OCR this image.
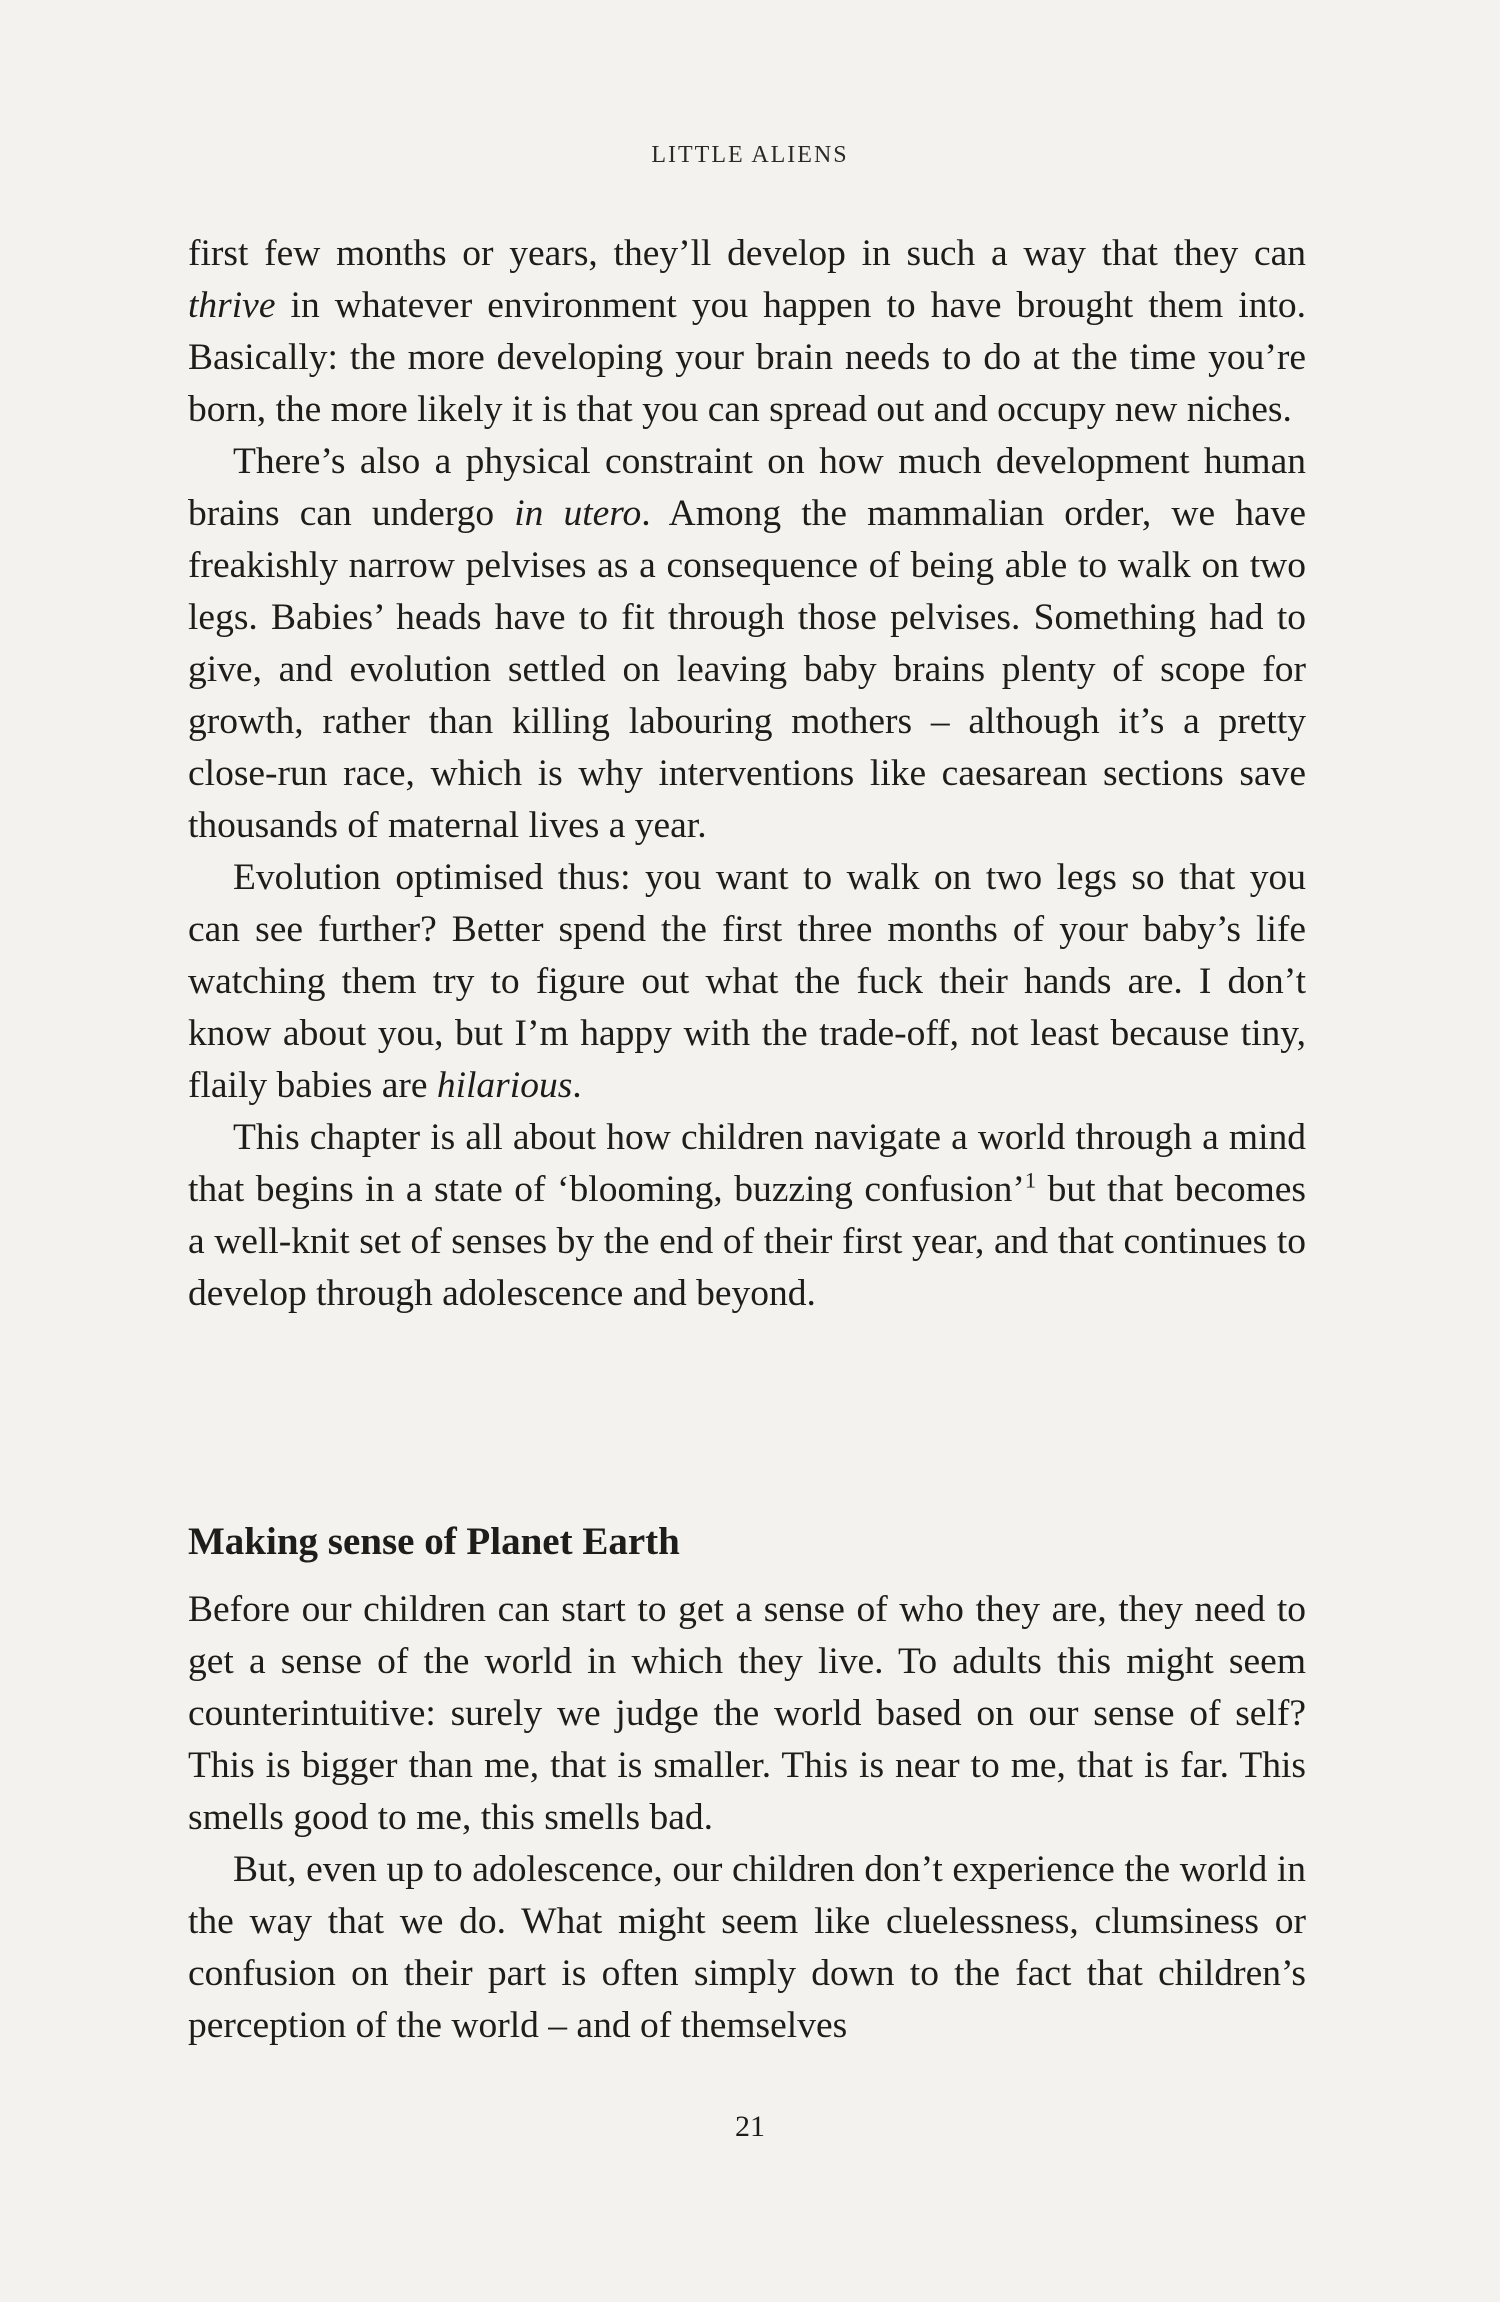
LITTLE ALIENS

first few months or years, they’ll develop in such a way that they can thrive in whatever environment you happen to have brought them into. Basically: the more developing your brain needs to do at the time you’re born, the more likely it is that you can spread out and occupy new niches.

There’s also a physical constraint on how much development human brains can undergo in utero. Among the mammalian order, we have freakishly narrow pelvises as a consequence of being able to walk on two legs. Babies’ heads have to fit through those pelvises. Something had to give, and evolution settled on leaving baby brains plenty of scope for growth, rather than killing labouring mothers – although it’s a pretty close-run race, which is why interventions like caesarean sections save thousands of maternal lives a year.

Evolution optimised thus: you want to walk on two legs so that you can see further? Better spend the first three months of your baby’s life watching them try to figure out what the fuck their hands are. I don’t know about you, but I’m happy with the trade-off, not least because tiny, flaily babies are hilarious.

This chapter is all about how children navigate a world through a mind that begins in a state of ‘blooming, buzzing confusion’$^1$ but that becomes a well-knit set of senses by the end of their first year, and that continues to develop through adolescence and beyond.

Making sense of Planet Earth

Before our children can start to get a sense of who they are, they need to get a sense of the world in which they live. To adults this might seem counterintuitive: surely we judge the world based on our sense of self? This is bigger than me, that is smaller. This is near to me, that is far. This smells good to me, this smells bad.

But, even up to adolescence, our children don’t experience the world in the way that we do. What might seem like cluelessness, clumsiness or confusion on their part is often simply down to the fact that children’s perception of the world – and of themselves

21
